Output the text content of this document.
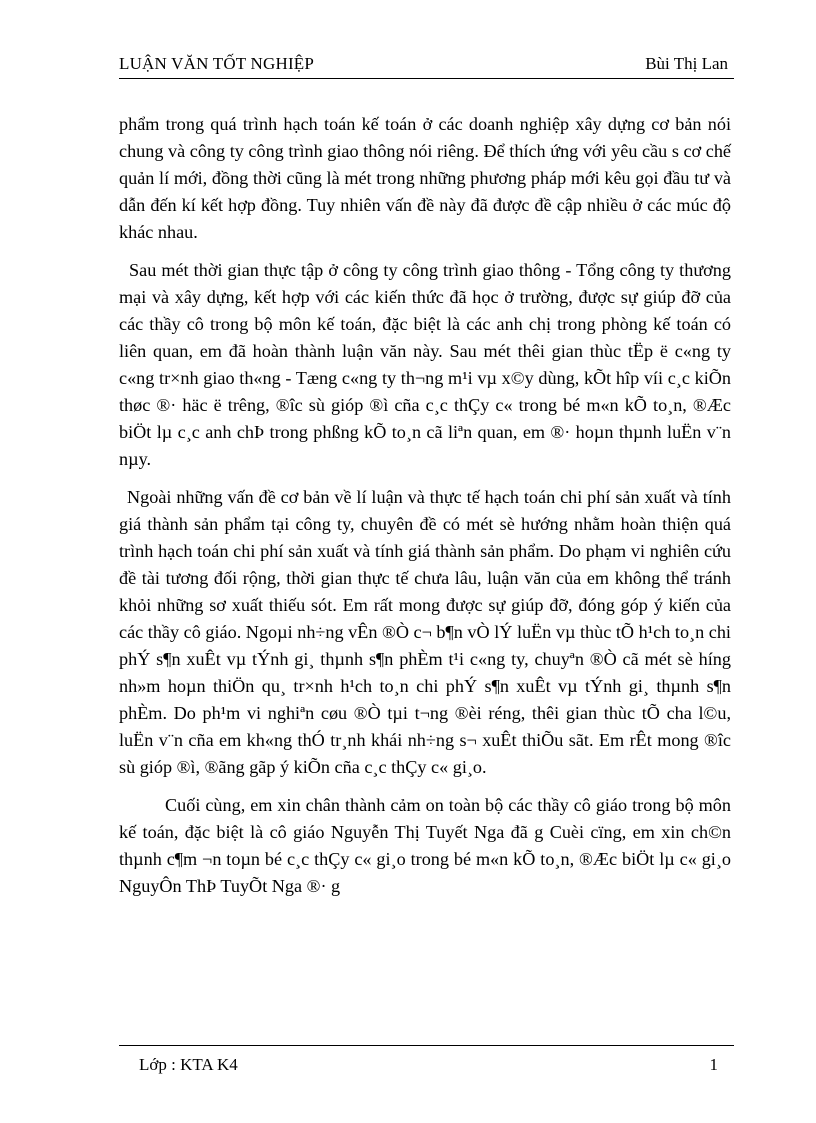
LUẬN VĂN TỐT NGHIỆP	Bùi Thị Lan

phẩm trong quá trình hạch toán kế toán ở các doanh nghiệp xây dựng cơ bản nói chung và công ty công trình giao thông nói riêng. Để thích ứng với yêu cầu s cơ chế quản lí mới, đồng thời cũng là mét trong những phương pháp mới kêu gọi đầu tư và dẫn đến kí kết hợp đồng. Tuy nhiên vấn đề này đã được đề cập nhiều ở các múc độ khác nhau.

Sau mét thời gian thực tập ở công ty công trình giao thông - Tổng công ty thương mại và xây dựng, kết hợp với các kiến thức đã học ở trường, được sự giúp đỡ của các thầy cô trong bộ môn kế toán, đặc biệt là các anh chị trong phòng kế toán có liên quan, em đã hoàn thành luận văn này. Sau mét thêi gian thùc tËp ë c«ng ty c«ng tr×nh giao th«ng - Tæng c«ng ty th¬ng m¹i vµ x©y dùng, kÕt hîp víi c¸c kiÕn thøc ®· häc ë trêng, ®îc sù gióp ®ì cña c¸c thÇy c« trong bé m«n kÕ to¸n, ®Æc biÖt lµ c¸c anh chÞ trong phßng kÕ to¸n cã liªn quan, em ®· hoµn thµnh luËn v¨n nµy.

Ngoài những vấn đề cơ bản về lí luận và thực tế hạch toán chi phí sản xuất và tính giá thành sản phẩm tại công ty, chuyên đề có mét sè hướng nhằm hoàn thiện quá trình hạch toán chi phí sản xuất và tính giá thành sản phẩm. Do phạm vi nghiên cứu đề tài tương đối rộng, thời gian thực tế chưa lâu, luận văn của em không thể tránh khỏi những sơ xuất thiếu sót. Em rất mong được sự giúp đỡ, đóng góp ý kiến của các thầy cô giáo. Ngoµi nh÷ng vÊn ®Ò c¬ b¶n vÒ lÝ luËn vµ thùc tÕ h¹ch to¸n chi phÝ s¶n xuÊt vµ tÝnh gi¸ thµnh s¶n phÈm t¹i c«ng ty, chuyªn ®Ò cã mét sè híng nh»m hoµn thiÖn qu¸ tr×nh h¹ch to¸n chi phÝ s¶n xuÊt vµ tÝnh gi¸ thµnh s¶n phÈm. Do ph¹m vi nghiªn cøu ®Ò tµi t¬ng ®èi réng, thêi gian thùc tÕ cha l©u, luËn v¨n cña em kh«ng thÓ tr¸nh khái nh÷ng s¬ xuÊt thiÕu sãt. Em rÊt mong ®îc sù gióp ®ì, ®ãng gãp ý kiÕn cña c¸c thÇy c« gi¸o.

Cuối cùng, em xin chân thành cảm on toàn bộ các thầy cô giáo trong bộ môn kế toán, đặc biệt là cô giáo Nguyễn Thị Tuyết Nga đã g Cuèi cïng, em xin ch©n thµnh c¶m ¬n toµn bé c¸c thÇy c« gi¸o trong bé m«n kÕ to¸n, ®Æc biÖt lµ c« gi¸o NguyÔn ThÞ TuyÕt Nga ®· g

Lớp : KTA K4	1
